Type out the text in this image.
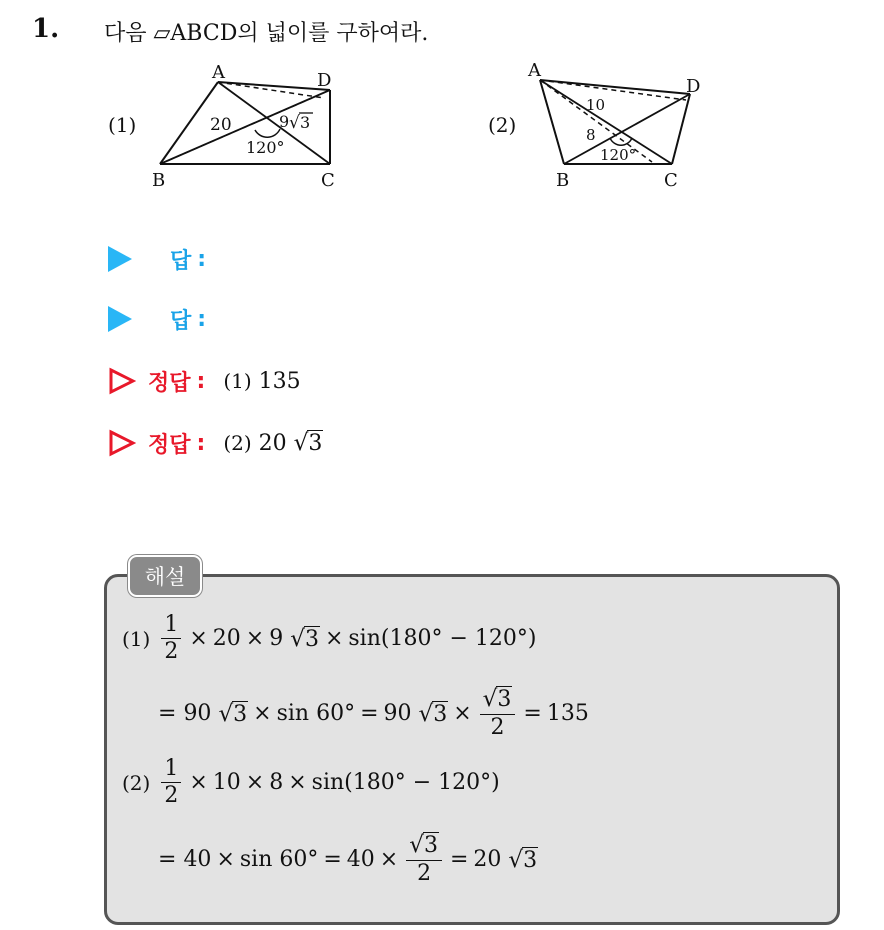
1. 다음 ▱ABCD의 넓이를 구하여라.
(1)
A	D
B	C
20	9 √ 3
120°
(2)
A
D
B	C
10
8
120°
답 :
답 :
정답 : (1) 135
정답 : (2) 20 √3
해설
$(1) \frac{1}{2} \times 20 \times 9$
√3 × sin(180° − 120°)
=
90
√3 × sin 60° = 90
$√3 \times \frac{√3}{2} = 135$
$(2) \frac{1}{2} \times 10 \times 8 \times \sin(180^\circ - 120^\circ)$
=
$40 \times \sin 60^\circ = 40 \times \frac{√3}{2} = 20$
√3
